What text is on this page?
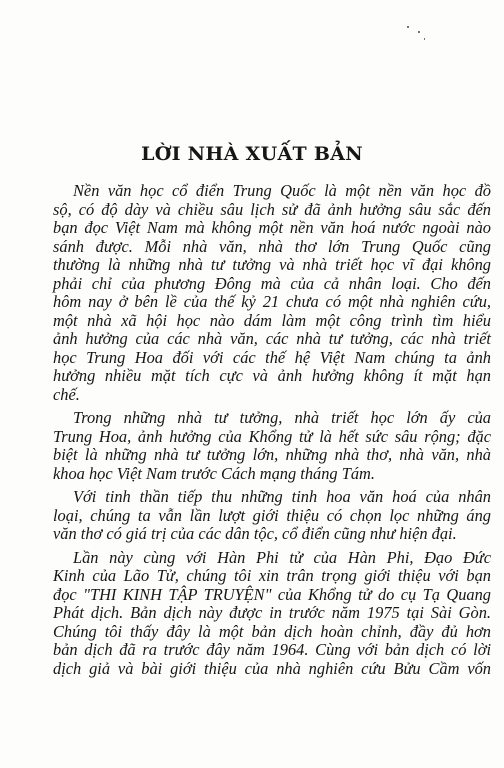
LỜI NHÀ XUẤT BẢN
Nền văn học cổ điển Trung Quốc là một nền văn học đồ
sộ, có độ dày và chiều sâu lịch sử đã ảnh hưởng sâu sắc đến
bạn đọc Việt Nam mà không một nền văn hoá nước ngoài nào
sánh được. Mỗi nhà văn, nhà thơ lớn Trung Quốc cũng
thường là những nhà tư tưởng và nhà triết học vĩ đại không
phải chỉ của phương Đông mà của cả nhân loại. Cho đến
hôm nay ở bên lề của thế kỷ 21 chưa có một nhà nghiên cứu,
một nhà xã hội học nào dám làm một công trình tìm hiểu
ảnh hưởng của các nhà văn, các nhà tư tưởng, các nhà triết
học Trung Hoa đối với các thế hệ Việt Nam chúng ta ảnh
hưởng nhiều mặt tích cực và ảnh hưởng không ít mặt hạn
chế.
Trong những nhà tư tưởng, nhà triết học lớn ấy của
Trung Hoa, ảnh hưởng của Khổng tử là hết sức sâu rộng; đặc
biệt là những nhà tư tưởng lớn, những nhà thơ, nhà văn, nhà
khoa học Việt Nam trước Cách mạng tháng Tám.
Với tinh thần tiếp thu những tinh hoa văn hoá của nhân
loại, chúng ta vẫn lần lượt giới thiệu có chọn lọc những áng
văn thơ có giá trị của các dân tộc, cổ điển cũng như hiện đại.
Lần này cùng với Hàn Phi tử của Hàn Phi, Đạo Đức
Kinh của Lão Tử, chúng tôi xin trân trọng giới thiệu với bạn
đọc "THI KINH TẬP TRUYỆN" của Khổng tử do cụ Tạ Quang
Phát dịch. Bản dịch này được in trước năm 1975 tại Sài Gòn.
Chúng tôi thấy đây là một bản dịch hoàn chỉnh, đầy đủ hơn
bản dịch đã ra trước đây năm 1964. Cùng với bản dịch có lời
dịch giả và bài giới thiệu của nhà nghiên cứu Bửu Cầm vốn
